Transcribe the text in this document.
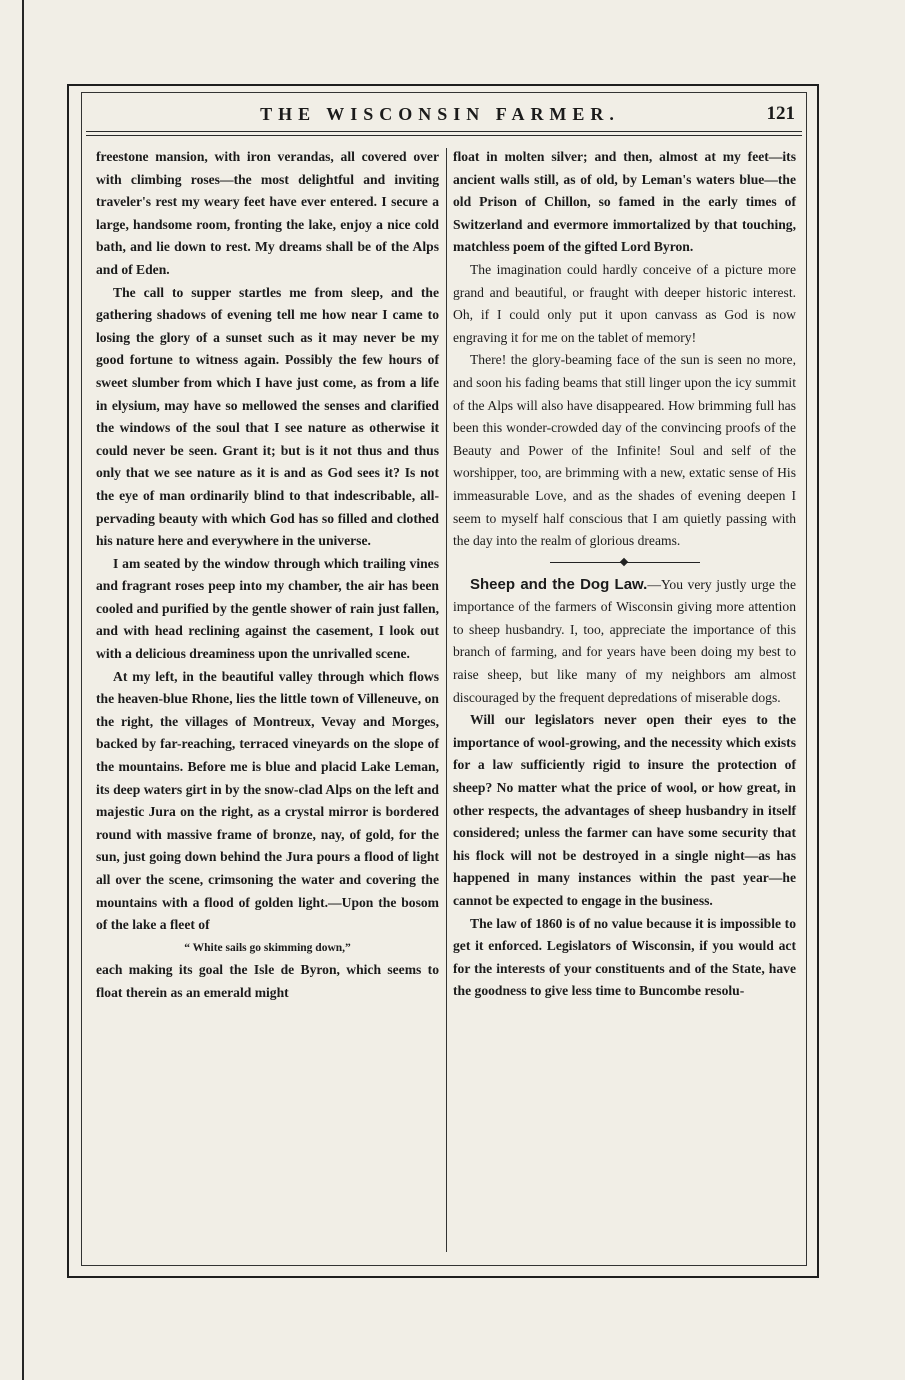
THE WISCONSIN FARMER.	121

freestone mansion, with iron verandas, all covered over with climbing roses—the most delightful and inviting traveler's rest my weary feet have ever entered. I secure a large, handsome room, fronting the lake, enjoy a nice cold bath, and lie down to rest. My dreams shall be of the Alps and of Eden.

The call to supper startles me from sleep, and the gathering shadows of evening tell me how near I came to losing the glory of a sunset such as it may never be my good fortune to witness again. Possibly the few hours of sweet slumber from which I have just come, as from a life in elysium, may have so mellowed the senses and clarified the windows of the soul that I see nature as otherwise it could never be seen. Grant it; but is it not thus and thus only that we see nature as it is and as God sees it? Is not the eye of man ordinarily blind to that indescribable, all-pervading beauty with which God has so filled and clothed his nature here and everywhere in the universe.

I am seated by the window through which trailing vines and fragrant roses peep into my chamber, the air has been cooled and purified by the gentle shower of rain just fallen, and with head reclining against the casement, I look out with a delicious dreaminess upon the unrivalled scene.

At my left, in the beautiful valley through which flows the heaven-blue Rhone, lies the little town of Villeneuve, on the right, the villages of Montreux, Vevay and Morges, backed by far-reaching, terraced vineyards on the slope of the mountains. Before me is blue and placid Lake Leman, its deep waters girt in by the snow-clad Alps on the left and majestic Jura on the right, as a crystal mirror is bordered round with massive frame of bronze, nay, of gold, for the sun, just going down behind the Jura pours a flood of light all over the scene, crimsoning the water and covering the mountains with a flood of golden light.—Upon the bosom of the lake a fleet of

“ White sails go skimming down,”

each making its goal the Isle de Byron, which seems to float therein as an emerald might

float in molten silver; and then, almost at my feet—its ancient walls still, as of old, by Leman's waters blue—the old Prison of Chillon, so famed in the early times of Switzerland and evermore immortalized by that touching, matchless poem of the gifted Lord Byron.

The imagination could hardly conceive of a picture more grand and beautiful, or fraught with deeper historic interest. Oh, if I could only put it upon canvass as God is now engraving it for me on the tablet of memory!

There! the glory-beaming face of the sun is seen no more, and soon his fading beams that still linger upon the icy summit of the Alps will also have disappeared. How brimming full has been this wonder-crowded day of the convincing proofs of the Beauty and Power of the Infinite! Soul and self of the worshipper, too, are brimming with a new, extatic sense of His immeasurable Love, and as the shades of evening deepen I seem to myself half conscious that I am quietly passing with the day into the realm of glorious dreams.

Sheep and the Dog Law.—You very justly urge the importance of the farmers of Wisconsin giving more attention to sheep husbandry. I, too, appreciate the importance of this branch of farming, and for years have been doing my best to raise sheep, but like many of my neighbors am almost discouraged by the frequent depredations of miserable dogs.

Will our legislators never open their eyes to the importance of wool-growing, and the necessity which exists for a law sufficiently rigid to insure the protection of sheep? No matter what the price of wool, or how great, in other respects, the advantages of sheep husbandry in itself considered; unless the farmer can have some security that his flock will not be destroyed in a single night—as has happened in many instances within the past year—he cannot be expected to engage in the business.

The law of 1860 is of no value because it is impossible to get it enforced. Legislators of Wisconsin, if you would act for the interests of your constituents and of the State, have the goodness to give less time to Buncombe resolu-
